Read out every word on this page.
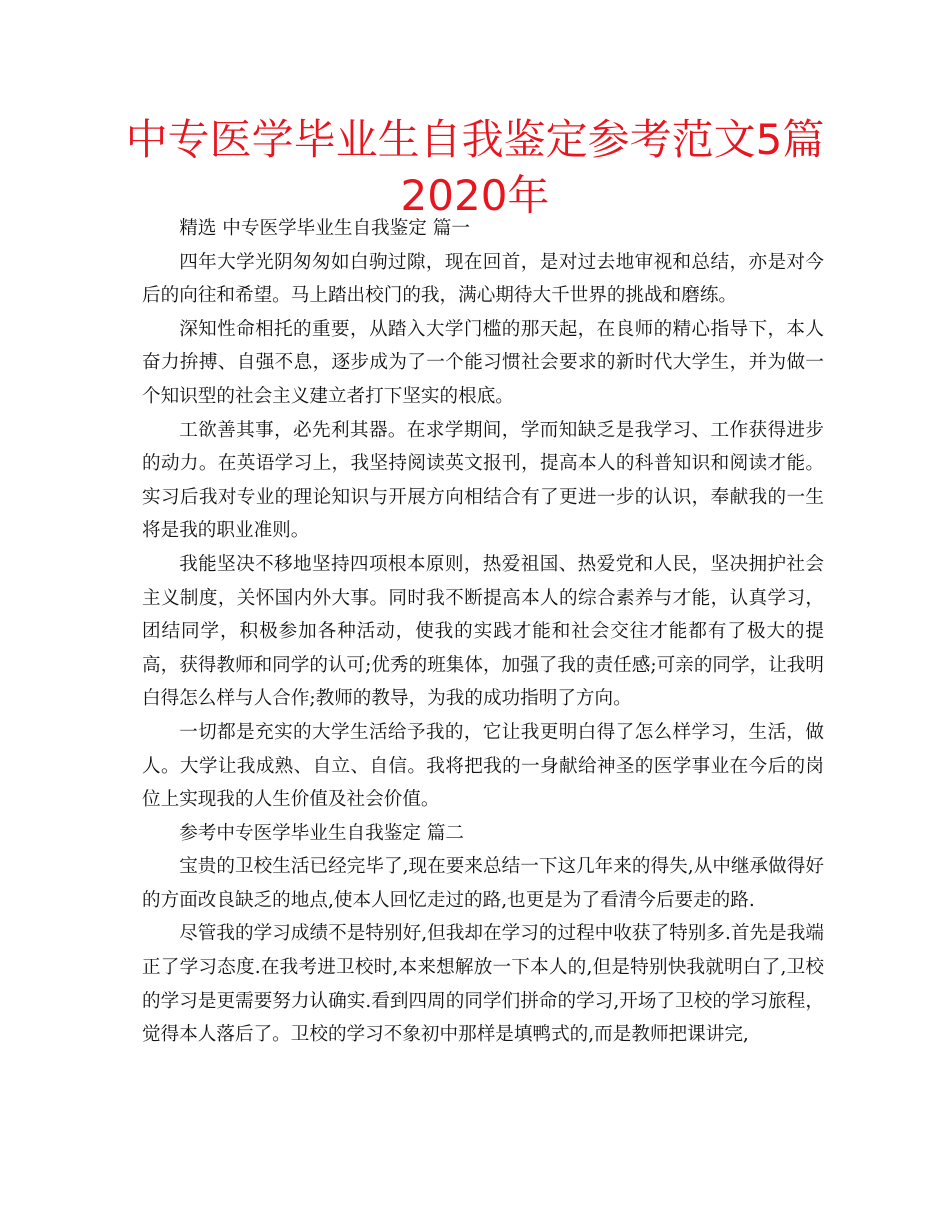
中专医学毕业生自我鉴定参考范文5篇
2020年

精选 中专医学毕业生自我鉴定 篇一

四年大学光阴匆匆如白驹过隙，现在回首，是对过去地审视和总结，亦是对今后的向往和希望。马上踏出校门的我，满心期待大千世界的挑战和磨练。

深知性命相托的重要，从踏入大学门槛的那天起，在良师的精心指导下，本人奋力拚搏、自强不息，逐步成为了一个能习惯社会要求的新时代大学生，并为做一个知识型的社会主义建立者打下坚实的根底。

工欲善其事，必先利其器。在求学期间，学而知缺乏是我学习、工作获得进步的动力。在英语学习上，我坚持阅读英文报刊，提高本人的科普知识和阅读才能。实习后我对专业的理论知识与开展方向相结合有了更进一步的认识，奉献我的一生将是我的职业准则。

我能坚决不移地坚持四项根本原则，热爱祖国、热爱党和人民，坚决拥护社会主义制度，关怀国内外大事。同时我不断提高本人的综合素养与才能，认真学习，团结同学，积极参加各种活动，使我的实践才能和社会交往才能都有了极大的提高，获得教师和同学的认可;优秀的班集体，加强了我的责任感;可亲的同学，让我明白得怎么样与人合作;教师的教导，为我的成功指明了方向。

一切都是充实的大学生活给予我的，它让我更明白得了怎么样学习，生活，做人。大学让我成熟、自立、自信。我将把我的一身献给神圣的医学事业在今后的岗位上实现我的人生价值及社会价值。

参考中专医学毕业生自我鉴定 篇二

宝贵的卫校生活已经完毕了,现在要来总结一下这几年来的得失,从中继承做得好的方面改良缺乏的地点,使本人回忆走过的路,也更是为了看清今后要走的路.

尽管我的学习成绩不是特别好,但我却在学习的过程中收获了特别多.首先是我端正了学习态度.在我考进卫校时,本来想解放一下本人的,但是特别快我就明白了,卫校的学习是更需要努力认确实.看到四周的同学们拼命的学习,开场了卫校的学习旅程，觉得本人落后了。卫校的学习不象初中那样是填鸭式的,而是教师把课讲完,
